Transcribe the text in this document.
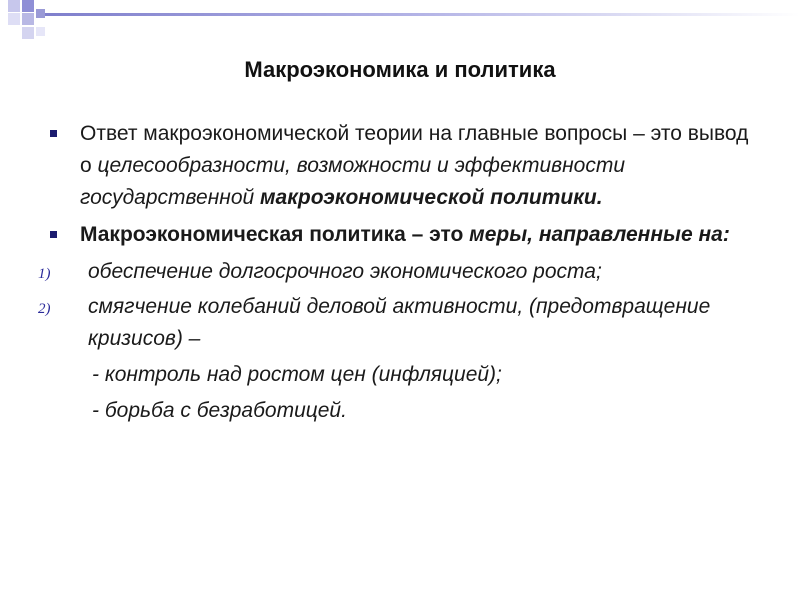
Макроэкономика и политика
Ответ макроэкономической теории на главные вопросы – это вывод о целесообразности, возможности и эффективности государственной макроэкономической политики.
Макроэкономическая политика – это меры, направленные на:
1) обеспечение долгосрочного экономического роста;
2) смягчение колебаний деловой активности, (предотвращение кризисов) –
- контроль над ростом цен (инфляцией);
- борьба с безработицей.
